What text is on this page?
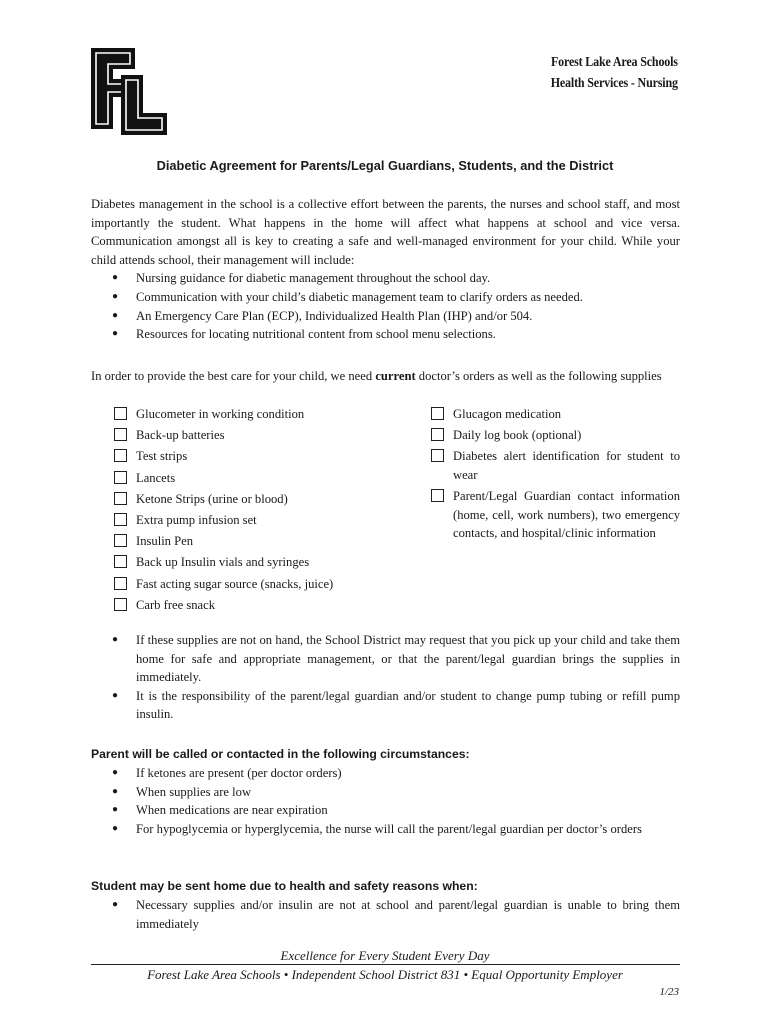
Forest Lake Area Schools
Health Services - Nursing
Diabetic Agreement for Parents/Legal Guardians, Students, and the District

Diabetes management in the school is a collective effort between the parents, the nurses and school staff, and most importantly the student. What happens in the home will affect what happens at school and vice versa. Communication amongst all is key to creating a safe and well-managed environment for your child. While your child attends school, their management will include:

● Nursing guidance for diabetic management throughout the school day.
● Communication with your child’s diabetic management team to clarify orders as needed.
● An Emergency Care Plan (ECP), Individualized Health Plan (IHP) and/or 504.
● Resources for locating nutritional content from school menu selections.

In order to provide the best care for your child, we need current doctor’s orders as well as the following supplies

Glucometer in working condition
Back-up batteries
Test strips
Lancets
Ketone Strips (urine or blood)
Extra pump infusion set
Insulin Pen
Back up Insulin vials and syringes
Fast acting sugar source (snacks, juice)
Carb free snack
Glucagon medication
Daily log book (optional)
Diabetes alert identification for student to wear
Parent/Legal Guardian contact information (home, cell, work numbers), two emergency contacts, and hospital/clinic information
● If these supplies are not on hand, the School District may request that you pick up your child and take them home for safe and appropriate management, or that the parent/legal guardian brings the supplies in immediately.
● It is the responsibility of the parent/legal guardian and/or student to change pump tubing or refill pump insulin.
Parent will be called or contacted in the following circumstances:
● If ketones are present (per doctor orders)
● When supplies are low
● When medications are near expiration
● For hypoglycemia or hyperglycemia, the nurse will call the parent/legal guardian per doctor’s orders
Student may be sent home due to health and safety reasons when:
● Necessary supplies and/or insulin are not at school and parent/legal guardian is unable to bring them immediately
Excellence for Every Student Every Day
Forest Lake Area Schools • Independent School District 831 • Equal Opportunity Employer
1/23
